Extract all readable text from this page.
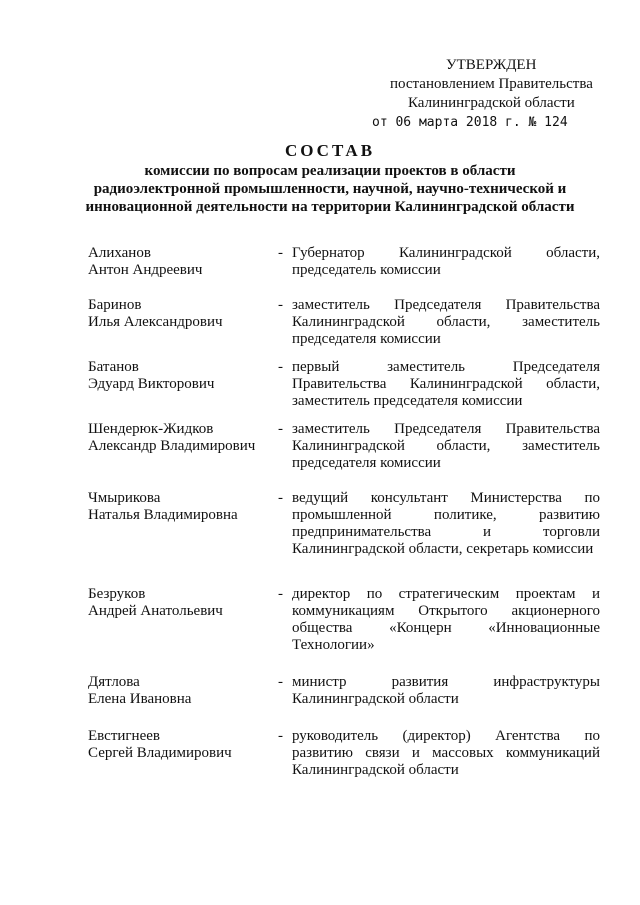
УТВЕРЖДЕН
постановлением Правительства
Калининградской области
от 06 марта 2018 г. № 124
СОСТАВ
комиссии по вопросам реализации проектов в области радиоэлектронной промышленности, научной, научно-технической и инновационной деятельности на территории Калининградской области
Алиханов
Антон Андреевич
- Губернатор Калининградской области, председатель комиссии
Баринов
Илья Александрович
- заместитель Председателя Правительства Калининградской области, заместитель председателя комиссии
Батанов
Эдуард Викторович
- первый заместитель Председателя Правительства Калининградской области, заместитель председателя комиссии
Шендерюк-Жидков
Александр Владимирович
- заместитель Председателя Правительства Калининградской области, заместитель председателя комиссии
Чмырикова
Наталья Владимировна
- ведущий консультант Министерства по промышленной политике, развитию предпринимательства и торговли Калининградской области, секретарь комиссии
Безруков
Андрей Анатольевич
- директор по стратегическим проектам и коммуникациям Открытого акционерного общества «Концерн «Инновационные Технологии»
Дятлова
Елена Ивановна
- министр развития инфраструктуры Калининградской области
Евстигнеев
Сергей Владимирович
- руководитель (директор) Агентства по развитию связи и массовых коммуникаций Калининградской области
